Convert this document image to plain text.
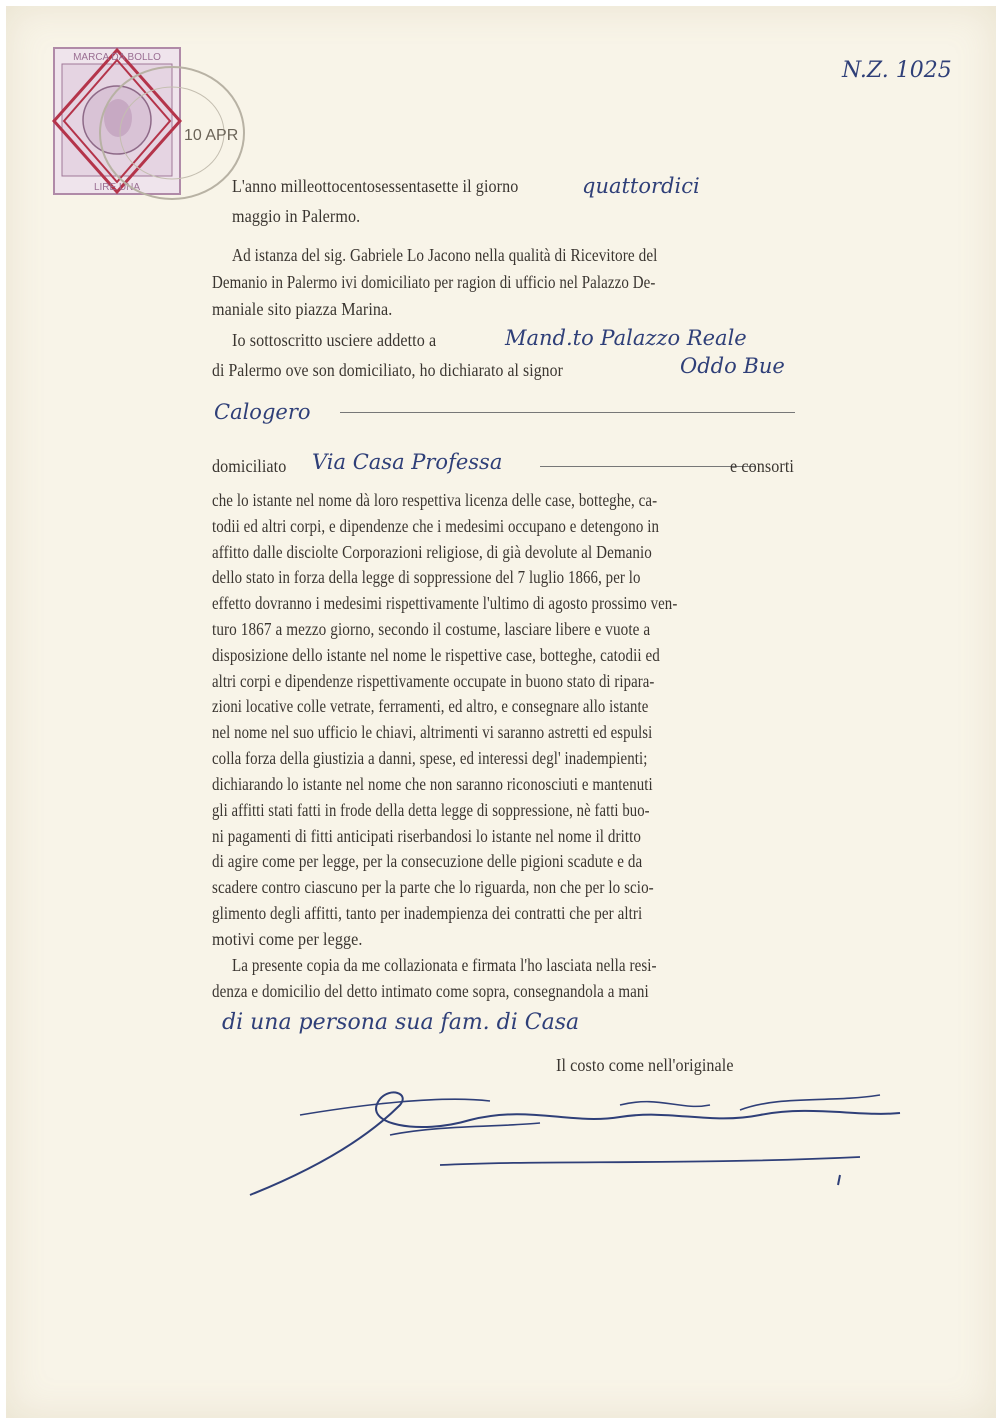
MARCA DA BOLLO
LIRE UNA
10 APR
N.Z. 1025
L'anno milleottocentosessentasette il giorno	quattordici
maggio in Palermo.
Ad istanza del sig. Gabriele Lo Jacono nella qualità di Ricevitore del
Demanio in Palermo ivi domiciliato per ragion di ufficio nel Palazzo De-
maniale sito piazza Marina.
Io sottoscritto usciere addetto a	Mand.to Palazzo Reale
di Palermo ove son domiciliato, ho dichiarato al signor	Oddo Bue
Calogero
domiciliato Via Casa Professa	e consorti
che lo istante nel nome dà loro respettiva licenza delle case, botteghe, ca-
todii ed altri corpi, e dipendenze che i medesimi occupano e detengono in
affitto dalle disciolte Corporazioni religiose, di già devolute al Demanio
dello stato in forza della legge di soppressione del 7 luglio 1866, per lo
effetto dovranno i medesimi rispettivamente l'ultimo di agosto prossimo ven-
turo 1867 a mezzo giorno, secondo il costume, lasciare libere e vuote a
disposizione dello istante nel nome le rispettive case, botteghe, catodii ed
altri corpi e dipendenze rispettivamente occupate in buono stato di ripara-
zioni locative colle vetrate, ferramenti, ed altro, e consegnare allo istante
nel nome nel suo ufficio le chiavi, altrimenti vi saranno astretti ed espulsi
colla forza della giustizia a danni, spese, ed interessi degl' inadempienti;
dichiarando lo istante nel nome che non saranno riconosciuti e mantenuti
gli affitti stati fatti in frode della detta legge di soppressione, nè fatti buo-
ni pagamenti di fitti anticipati riserbandosi lo istante nel nome il dritto
di agire come per legge, per la consecuzione delle pigioni scadute e da
scadere contro ciascuno per la parte che lo riguarda, non che per lo scio-
glimento degli affitti, tanto per inadempienza dei contratti che per altri
motivi come per legge.
La presente copia da me collazionata e firmata l'ho lasciata nella resi-
denza e domicilio del detto intimato come sopra, consegnandola a mani
di una persona sua fam. di Casa
Il costo come nell'originale
